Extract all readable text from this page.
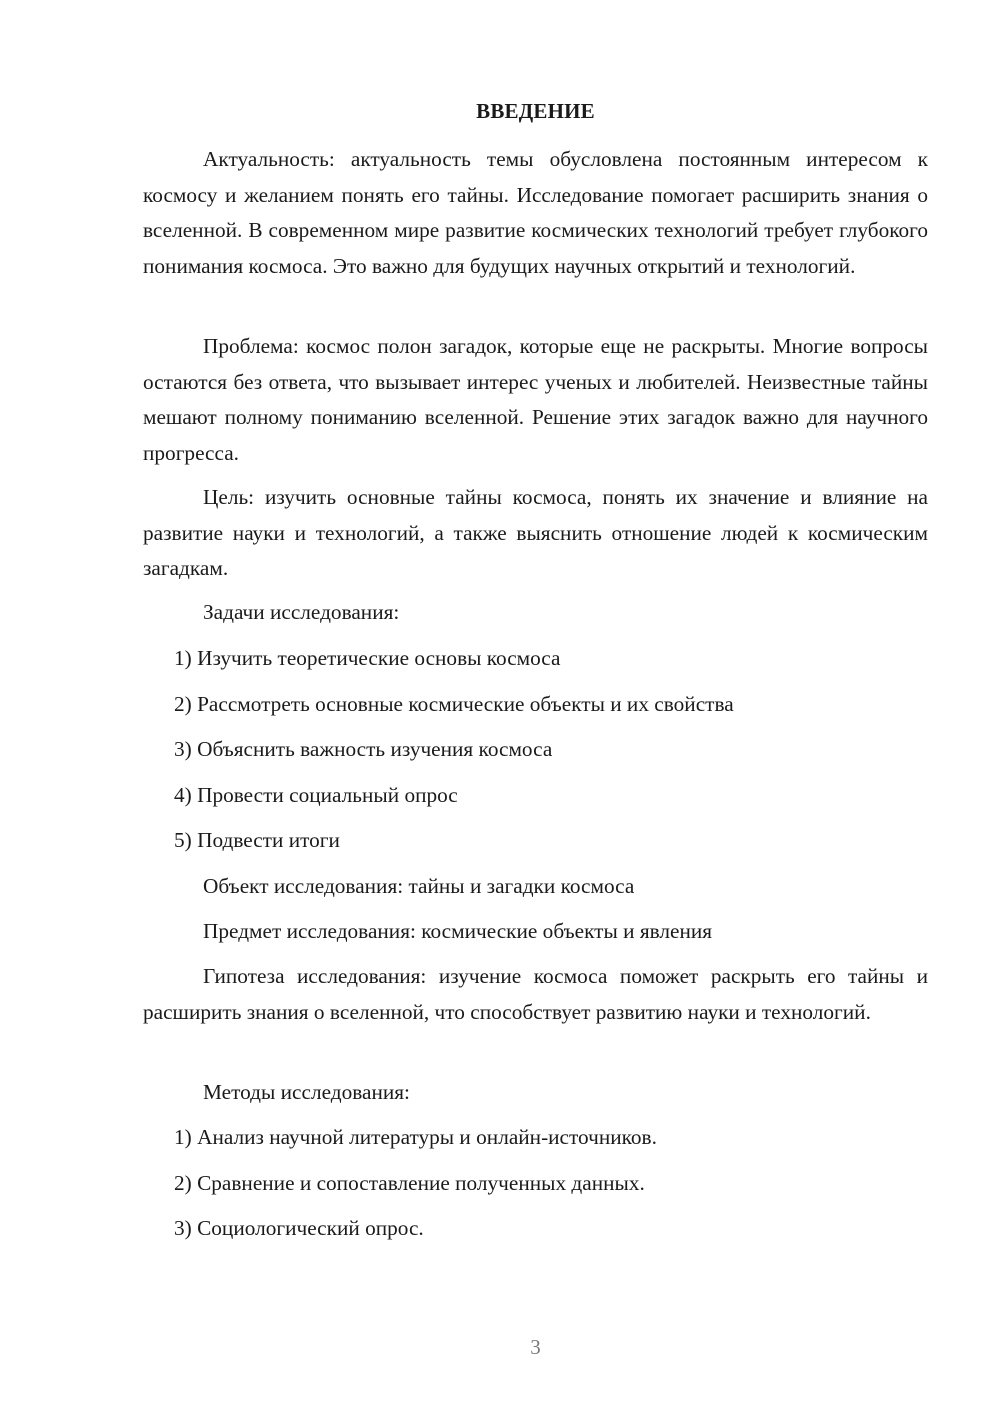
ВВЕДЕНИЕ

Актуальность: актуальность темы обусловлена постоянным интересом к космосу и желанием понять его тайны. Исследование помогает расширить знания о вселенной. В современном мире развитие космических технологий требует глубокого понимания космоса. Это важно для будущих научных открытий и технологий.

Проблема: космос полон загадок, которые еще не раскрыты. Многие вопросы остаются без ответа, что вызывает интерес ученых и любителей. Неизвестные тайны мешают полному пониманию вселенной. Решение этих загадок важно для научного прогресса.

Цель: изучить основные тайны космоса, понять их значение и влияние на развитие науки и технологий, а также выяснить отношение людей к космическим загадкам.

Задачи исследования:
1) Изучить теоретические основы космоса
2) Рассмотреть основные космические объекты и их свойства
3) Объяснить важность изучения космоса
4) Провести социальный опрос
5) Подвести итоги
Объект исследования: тайны и загадки космоса
Предмет исследования: космические объекты и явления

Гипотеза исследования: изучение космоса поможет раскрыть его тайны и расширить знания о вселенной, что способствует развитию науки и технологий.

Методы исследования:
1) Анализ научной литературы и онлайн-источников.
2) Сравнение и сопоставление полученных данных.
3) Социологический опрос.
3
